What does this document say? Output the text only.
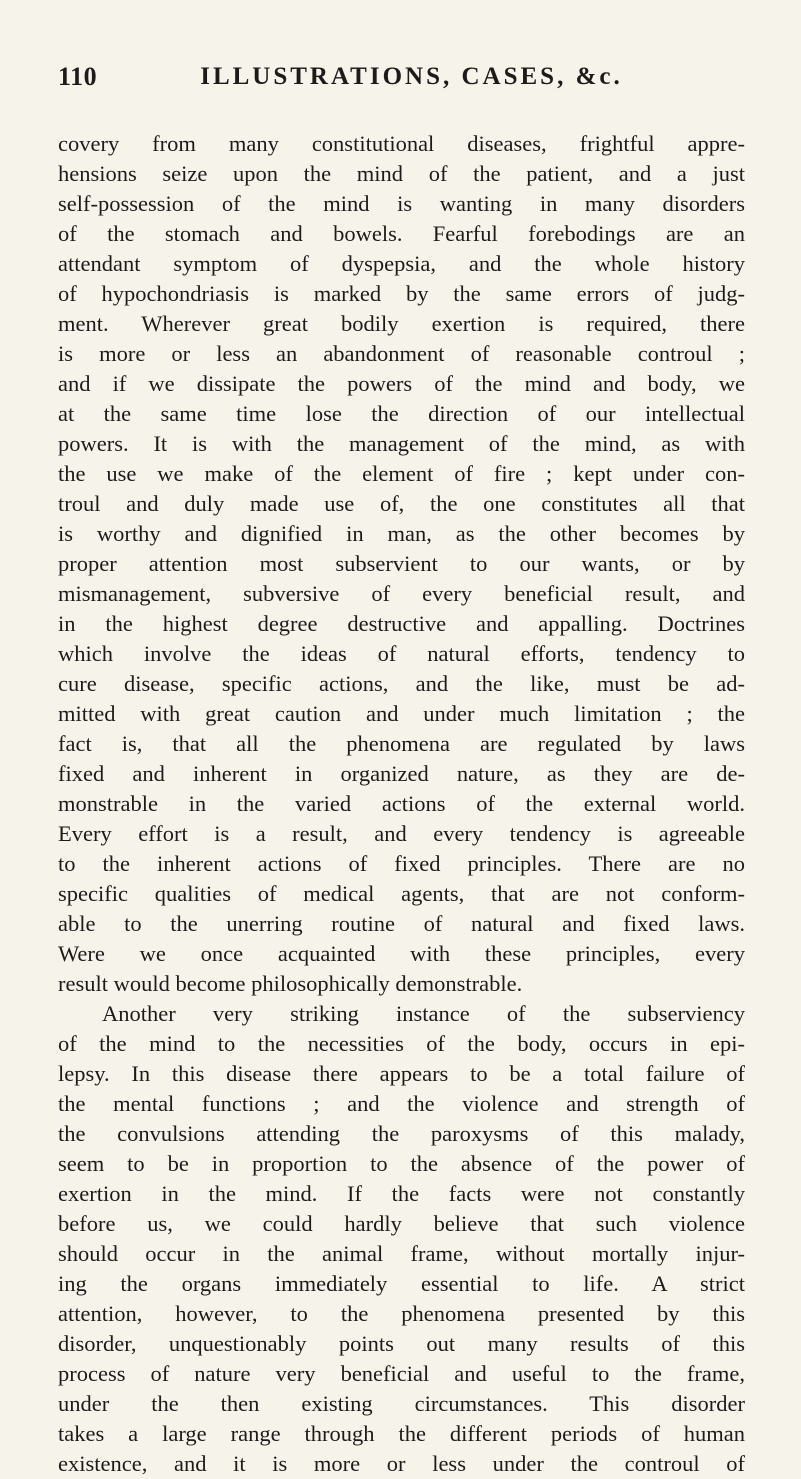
110	ILLUSTRATIONS, CASES, &c.
covery from many constitutional diseases, frightful appre-
hensions seize upon the mind of the patient, and a just
self-possession of the mind is wanting in many disorders
of the stomach and bowels. Fearful forebodings are an
attendant symptom of dyspepsia, and the whole history
of hypochondriasis is marked by the same errors of judg-
ment. Wherever great bodily exertion is required, there
is more or less an abandonment of reasonable controul ;
and if we dissipate the powers of the mind and body, we
at the same time lose the direction of our intellectual
powers. It is with the management of the mind, as with
the use we make of the element of fire ; kept under con-
troul and duly made use of, the one constitutes all that
is worthy and dignified in man, as the other becomes by
proper attention most subservient to our wants, or by
mismanagement, subversive of every beneficial result, and
in the highest degree destructive and appalling. Doctrines
which involve the ideas of natural efforts, tendency to
cure disease, specific actions, and the like, must be ad-
mitted with great caution and under much limitation ; the
fact is, that all the phenomena are regulated by laws
fixed and inherent in organized nature, as they are de-
monstrable in the varied actions of the external world.
Every effort is a result, and every tendency is agreeable
to the inherent actions of fixed principles. There are no
specific qualities of medical agents, that are not conform-
able to the unerring routine of natural and fixed laws.
Were we once acquainted with these principles, every
result would become philosophically demonstrable.
Another very striking instance of the subserviency
of the mind to the necessities of the body, occurs in epi-
lepsy. In this disease there appears to be a total failure of
the mental functions ; and the violence and strength of
the convulsions attending the paroxysms of this malady,
seem to be in proportion to the absence of the power of
exertion in the mind. If the facts were not constantly
before us, we could hardly believe that such violence
should occur in the animal frame, without mortally injur-
ing the organs immediately essential to life. A strict
attention, however, to the phenomena presented by this
disorder, unquestionably points out many results of this
process of nature very beneficial and useful to the frame,
under the then existing circumstances. This disorder
takes a large range through the different periods of human
existence, and it is more or less under the controul of
